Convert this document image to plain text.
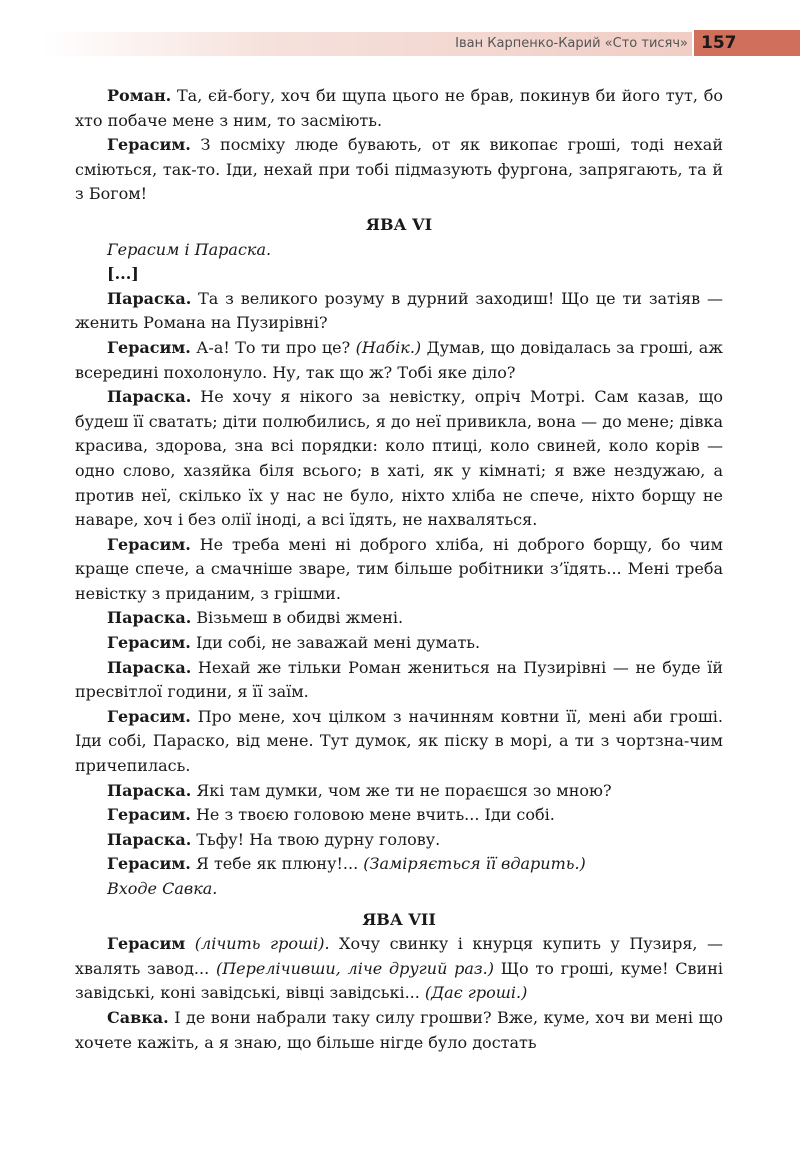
Іван Карпенко-Карий «Сто тисяч» 157

Роман. Та, єй-богу, хоч би щупа цього не брав, покинув би його тут, бо хто побаче мене з ним, то засміють.

Герасим. З посміху люде бувають, от як викопає гроші, тоді нехай сміються, так-то. Іди, нехай при тобі підмазують фургона, запрягають, та й з Богом!

ЯВА VI

Герасим і Параска.

[...]

Параска. Та з великого розуму в дурний заходиш! Що це ти затіяв — женить Романа на Пузирівні?

Герасим. А-а! То ти про це? (Набік.) Думав, що довідалась за гроші, аж всередині похолонуло. Ну, так що ж? Тобі яке діло?

Параска. Не хочу я нікого за невістку, опріч Мотрі. Сам казав, що будеш її сватать; діти полюбились, я до неї привикла, вона — до мене; дівка красива, здорова, зна всі порядки: коло птиці, коло свиней, коло корів — одно слово, хазяйка біля всього; в хаті, як у кімнаті; я вже нездужаю, а против неї, скілько їх у нас не було, ніхто хліба не спече, ніхто борщу не наваре, хоч і без олії іноді, а всі їдять, не нахваляться.

Герасим. Не треба мені ні доброго хліба, ні доброго борщу, бо чим краще спече, а смачніше зваре, тим більше робітники з’їдять... Мені треба невістку з приданим, з грішми.

Параска. Візьмеш в обидві жмені.

Герасим. Іди собі, не заважай мені думать.

Параска. Нехай же тільки Роман жениться на Пузирівні — не буде їй пресвітлої години, я її заїм.

Герасим. Про мене, хоч цілком з начинням ковтни її, мені аби гроші. Іди собі, Параско, від мене. Тут думок, як піску в морі, а ти з чортзна-чим причепилась.

Параска. Які там думки, чом же ти не пораєшся зо мною?

Герасим. Не з твоєю головою мене вчить... Іди собі.

Параска. Тьфу! На твою дурну голову.

Герасим. Я тебе як плюну!... (Заміряється її вдарить.)

Входе Савка.

ЯВА VII

Герасим (лічить гроші). Хочу свинку і кнурця купить у Пузиря, — хвалять завод... (Перелічивши, ліче другий раз.) Що то гроші, куме! Свині завідські, коні завідські, вівці завідські... (Дає гроші.)

Савка. І де вони набрали таку силу грошви? Вже, куме, хоч ви мені що хочете кажіть, а я знаю, що більше нігде було достать
